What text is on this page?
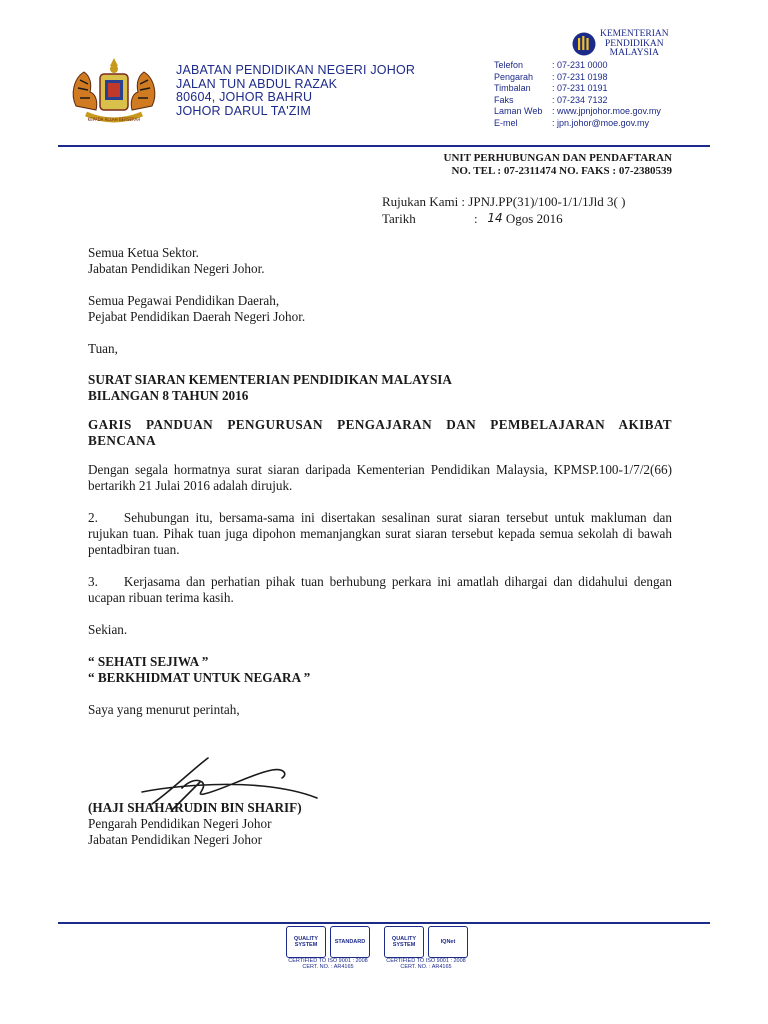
KEPADA ALLAH BERSERAH
JABATAN PENDIDIKAN NEGERI JOHOR
JALAN TUN ABDUL RAZAK
80604, JOHOR BAHRU
JOHOR DARUL TA'ZIM
KEMENTERIAN
PENDIDIKAN
MALAYSIA
Telefon	: 07-231 0000
Pengarah	: 07-231 0198
Timbalan	: 07-231 0191
Faks	: 07-234 7132
Laman Web	: www.jpnjohor.moe.gov.my
E-mel	: jpn.johor@moe.gov.my
UNIT PERHUBUNGAN DAN PENDAFTARAN
NO. TEL : 07-2311474 NO. FAKS : 07-2380539
Rujukan Kami :
JPNJ.PP(31)/100-1/1/1Jld 3( )
Tarikh	:
14
Ogos 2016

Semua Ketua Sektor.

Jabatan Pendidikan Negeri Johor.

Semua Pegawai Pendidikan Daerah,

Pejabat Pendidikan Daerah Negeri Johor.

Tuan,

SURAT SIARAN KEMENTERIAN PENDIDIKAN MALAYSIA

BILANGAN 8 TAHUN 2016

GARIS PANDUAN PENGURUSAN PENGAJARAN DAN PEMBELAJARAN AKIBAT BENCANA

Dengan segala hormatnya surat siaran daripada Kementerian Pendidikan Malaysia, KPMSP.100-1/7/2(66) bertarikh 21 Julai 2016 adalah dirujuk.

2. Sehubungan itu, bersama-sama ini disertakan sesalinan surat siaran tersebut untuk makluman dan rujukan tuan. Pihak tuan juga dipohon memanjangkan surat siaran tersebut kepada semua sekolah di bawah pentadbiran tuan.

3. Kerjasama dan perhatian pihak tuan berhubung perkara ini amatlah dihargai dan didahului dengan ucapan ribuan terima kasih.

Sekian.

“ SEHATI SEJIWA ”

“ BERKHIDMAT UNTUK NEGARA ”

Saya yang menurut perintah,

(HAJI SHAHARUDIN BIN SHARIF)
Pengarah Pendidikan Negeri Johor
Jabatan Pendidikan Negeri Johor
QUALITY SYSTEM	STANDARD
CERTIFIED TO ISO 9001 : 2008
CERT. NO. : AR4165
QUALITY SYSTEM	IQNet
CERTIFIED TO ISO 9001 : 2008
CERT. NO. : AR4165
